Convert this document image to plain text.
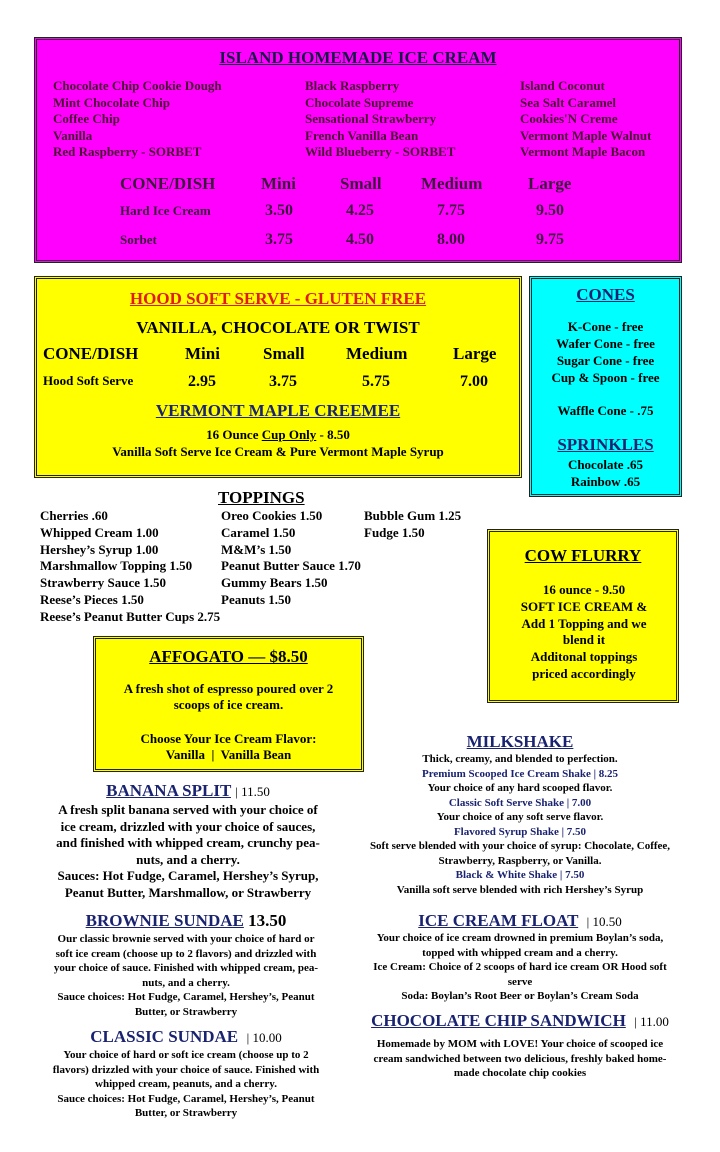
ISLAND HOMEMADE ICE CREAM
Chocolate Chip Cookie Dough
Mint Chocolate Chip
Coffee Chip
Vanilla
Red Raspberry - SORBET
Black Raspberry
Chocolate Supreme
Sensational Strawberry
French Vanilla Bean
Wild Blueberry - SORBET
Island Coconut
Sea Salt Caramel
Cookies'N Creme
Vermont Maple Walnut
Vermont Maple Bacon
CONE/DISH	Mini	Small Medium	Large
Hard Ice Cream	3.50	4.25	7.75	9.50
Sorbet	3.75	4.50	8.00	9.75
HOOD SOFT SERVE - GLUTEN FREE
VANILLA, CHOCOLATE OR TWIST
CONE/DISH	Mini	Small Medium	Large
Hood Soft Serve	2.95	3.75	5.75	7.00
VERMONT MAPLE CREEMEE
16 Ounce Cup Only - 8.50
Vanilla Soft Serve Ice Cream & Pure Vermont Maple Syrup
CONES
K-Cone - free
Wafer Cone - free
Sugar Cone - free
Cup & Spoon - free
Waffle Cone - .75
SPRINKLES
Chocolate .65
Rainbow .65
TOPPINGS
Cherries .60
Whipped Cream 1.00
Hershey’s Syrup 1.00
Marshmallow Topping 1.50
Strawberry Sauce 1.50
Reese’s Pieces 1.50
Reese’s Peanut Butter Cups 2.75
Oreo Cookies 1.50
Caramel 1.50
M&M’s 1.50
Peanut Butter Sauce 1.70
Gummy Bears 1.50
Peanuts 1.50
Bubble Gum 1.25
Fudge 1.50
COW FLURRY
16 ounce - 9.50
SOFT ICE CREAM &
Add 1 Topping and we
blend it
Additonal toppings
priced accordingly
AFFOGATO — $8.50
A fresh shot of espresso poured over 2
scoops of ice cream.
Choose Your Ice Cream Flavor:
Vanilla  |  Vanilla Bean
BANANA SPLIT | 11.50
A fresh split banana served with your choice of
ice cream, drizzled with your choice of sauces,
and finished with whipped cream, crunchy pea-
nuts, and a cherry.
Sauces: Hot Fudge, Caramel, Hershey’s Syrup,
Peanut Butter, Marshmallow, or Strawberry
BROWNIE SUNDAE 13.50
Our classic brownie served with your choice of hard or
soft ice cream (choose up to 2 flavors) and drizzled with
your choice of sauce. Finished with whipped cream, pea-
nuts, and a cherry.
Sauce choices: Hot Fudge, Caramel, Hershey’s, Peanut
Butter, or Strawberry
CLASSIC SUNDAE | 10.00
Your choice of hard or soft ice cream (choose up to 2
flavors) drizzled with your choice of sauce. Finished with
whipped cream, peanuts, and a cherry.
Sauce choices: Hot Fudge, Caramel, Hershey’s, Peanut
Butter, or Strawberry
MILKSHAKE
Thick, creamy, and blended to perfection.
Premium Scooped Ice Cream Shake | 8.25
Your choice of any hard scooped flavor.
Classic Soft Serve Shake | 7.00
Your choice of any soft serve flavor.
Flavored Syrup Shake | 7.50
Soft serve blended with your choice of syrup: Chocolate, Coffee,
Strawberry, Raspberry, or Vanilla.
Black & White Shake | 7.50
Vanilla soft serve blended with rich Hershey’s Syrup
ICE CREAM FLOAT | 10.50
Your choice of ice cream drowned in premium Boylan’s soda,
topped with whipped cream and a cherry.
Ice Cream: Choice of 2 scoops of hard ice cream OR Hood soft
serve
Soda: Boylan’s Root Beer or Boylan’s Cream Soda
CHOCOLATE CHIP SANDWICH | 11.00
Homemade by MOM with LOVE! Your choice of scooped ice
cream sandwiched between two delicious, freshly baked home-
made chocolate chip cookies
